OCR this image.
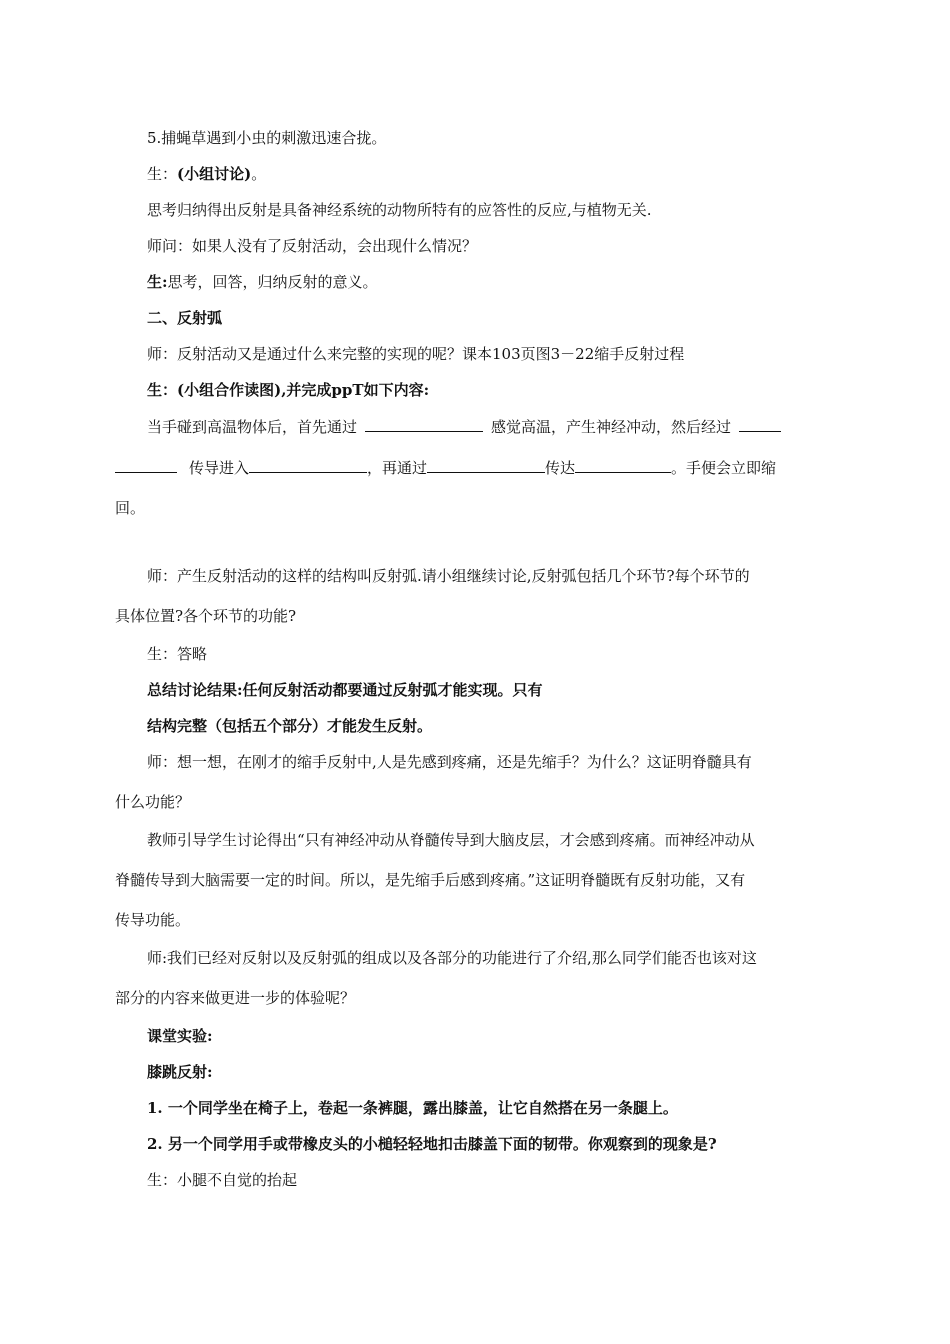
5.捕蝇草遇到小虫的刺激迅速合拢。
生：(小组讨论)。
思考归纳得出反射是具备神经系统的动物所特有的应答性的反应,与植物无关.
师问：如果人没有了反射活动，会出现什么情况？
生:思考，回答，归纳反射的意义。
二、反射弧
师：反射活动又是通过什么来完整的实现的呢？课本103页图3－22缩手反射过程
生：(小组合作读图),并完成ppT如下内容:
当手碰到高温物体后，首先通过	感觉高温，产生神经冲动，然后经过
传导进入	，再通过	传达	。手便会立即缩
回。
师：产生反射活动的这样的结构叫反射弧.请小组继续讨论,反射弧包括几个环节?每个环节的
具体位置?各个环节的功能?
生：答略
总结讨论结果:任何反射活动都要通过反射弧才能实现。只有
结构完整（包括五个部分）才能发生反射。
师：想一想，在刚才的缩手反射中,人是先感到疼痛，还是先缩手？为什么？这证明脊髓具有
什么功能？
教师引导学生讨论得出“只有神经冲动从脊髓传导到大脑皮层，才会感到疼痛。而神经冲动从
脊髓传导到大脑需要一定的时间。所以，是先缩手后感到疼痛。”这证明脊髓既有反射功能，又有
传导功能。
师:我们已经对反射以及反射弧的组成以及各部分的功能进行了介绍,那么同学们能否也该对这
部分的内容来做更进一步的体验呢？
课堂实验:
膝跳反射:
1. 一个同学坐在椅子上，卷起一条裤腿，露出膝盖，让它自然搭在另一条腿上。
2. 另一个同学用手或带橡皮头的小槌轻轻地扣击膝盖下面的韧带。你观察到的现象是?
生：小腿不自觉的抬起
